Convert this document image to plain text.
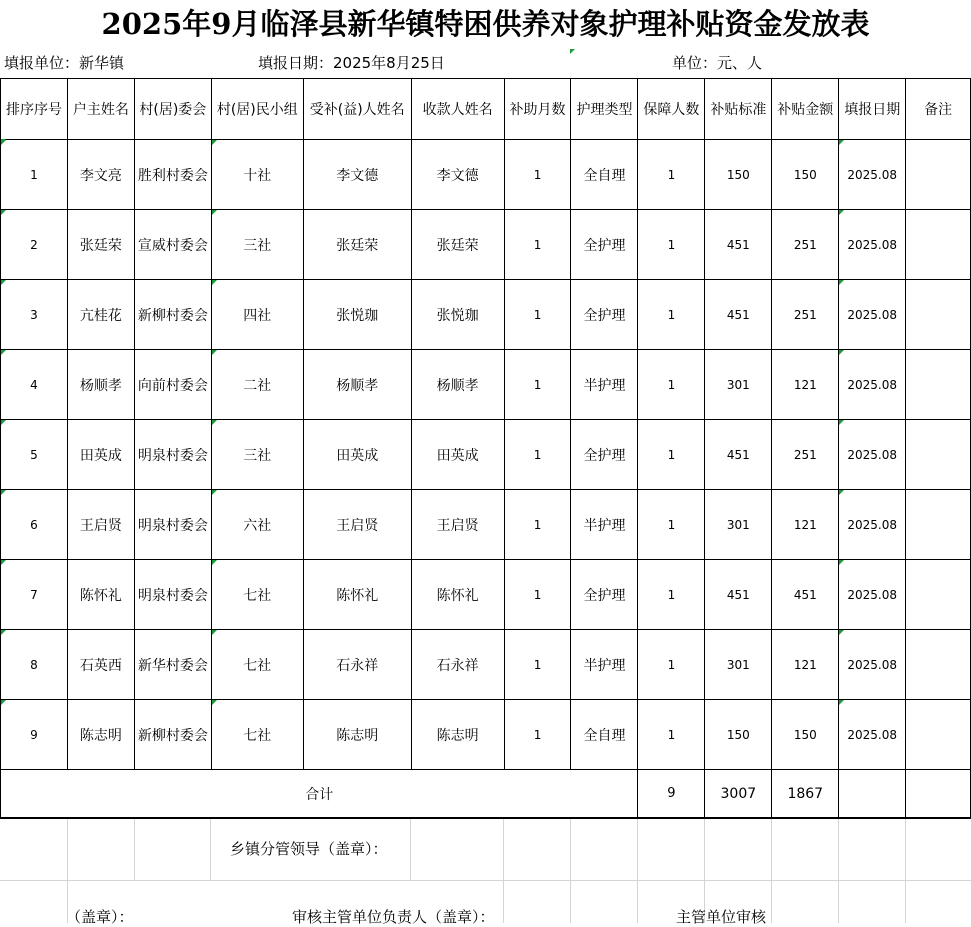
2025年9月临泽县新华镇特困供养对象护理补贴资金发放表
填报单位：新华镇	填报日期：2025年8月25日	单位：元、人
排序序号	户主姓名	村(居)委会	村(居)民小组	受补(益)人姓名	收款人姓名	补助月数	护理类型	保障人数	补贴标准	补贴金额	填报日期	备注
1	李文亮	胜利村委会	十社	李文德	李文德	1	全自理	1	150	150	2025.08

2	张廷荣	宣威村委会	三社	张廷荣	张廷荣	1	全护理	1	451	251	2025.08

3	亢桂花	新柳村委会	四社	张悦珈	张悦珈	1	全护理	1	451	251	2025.08

4	杨顺孝	向前村委会	二社	杨顺孝	杨顺孝	1	半护理	1	301	121	2025.08

5	田英成	明泉村委会	三社	田英成	田英成	1	全护理	1	451	251	2025.08

6	王启贤	明泉村委会	六社	王启贤	王启贤	1	半护理	1	301	121	2025.08

7	陈怀礼	明泉村委会	七社	陈怀礼	陈怀礼	1	全护理	1	451	451	2025.08

8	石英西	新华村委会	七社	石永祥	石永祥	1	半护理	1	301	121	2025.08

9	陈志明	新柳村委会	七社	陈志明	陈志明	1	全自理	1	150	150	2025.08

合计								9	3007	1867		
乡镇分管领导（盖章）：
（盖章）：	审核主管单位负责人（盖章）：	主管单位审核
